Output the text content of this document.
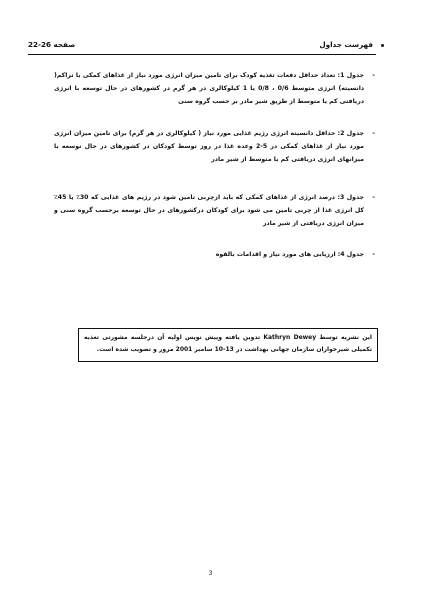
فهرست جداول
صفحه 26-22
-
جدول 1: تعداد حداقل دفعات تغذیه کودک برای تامین میزان انرژی مورد نیاز از غذاهای کمکی با تراکم( دانسیته) انرژی متوسط 0/6 ، 0/8 یا 1 کیلوکالری در هر گرم در کشورهای در حال توسعه با انرژی دریافتی کم یا متوسط از طریق شیر مادر بر حسب گروه سنی
-
جدول 2: حداقل دانسیته انرژی رژیم غذایی مورد نیاز ( کیلوکالری در هر گرم) برای تامین میزان انرژی مورد نیاز از غذاهای کمکی در 5-2 وعده غذا در روز توسط کودکان در کشورهای در حال توسعه با میزانهای انرژی دریافتی کم یا متوسط از شیر مادر
-
جدول 3: درصد انرژی از غذاهای کمکی که باید ازچربی تامین شود در رژیم های غذایی که 30٪ یا 45٪ کل انرژی غذا از چربی تامین می شود برای کودکان درکشورهای در حال توسعه برحسب گروه سنی و میزان انرژی دریافتی از شیر مادر
-
جدول 4: ارزیابی های مورد نیاز و اقدامات بالقوه
این نشریه توسط Kathryn Dewey تدوین یافته وپیش نویس اولیه آن درجلسه مشورتی تغذیه تکمیلی شیرخواران سازمان جهانی بهداشت در 13-10 سامبر 2001 مرور و تصویب شده است.
3
